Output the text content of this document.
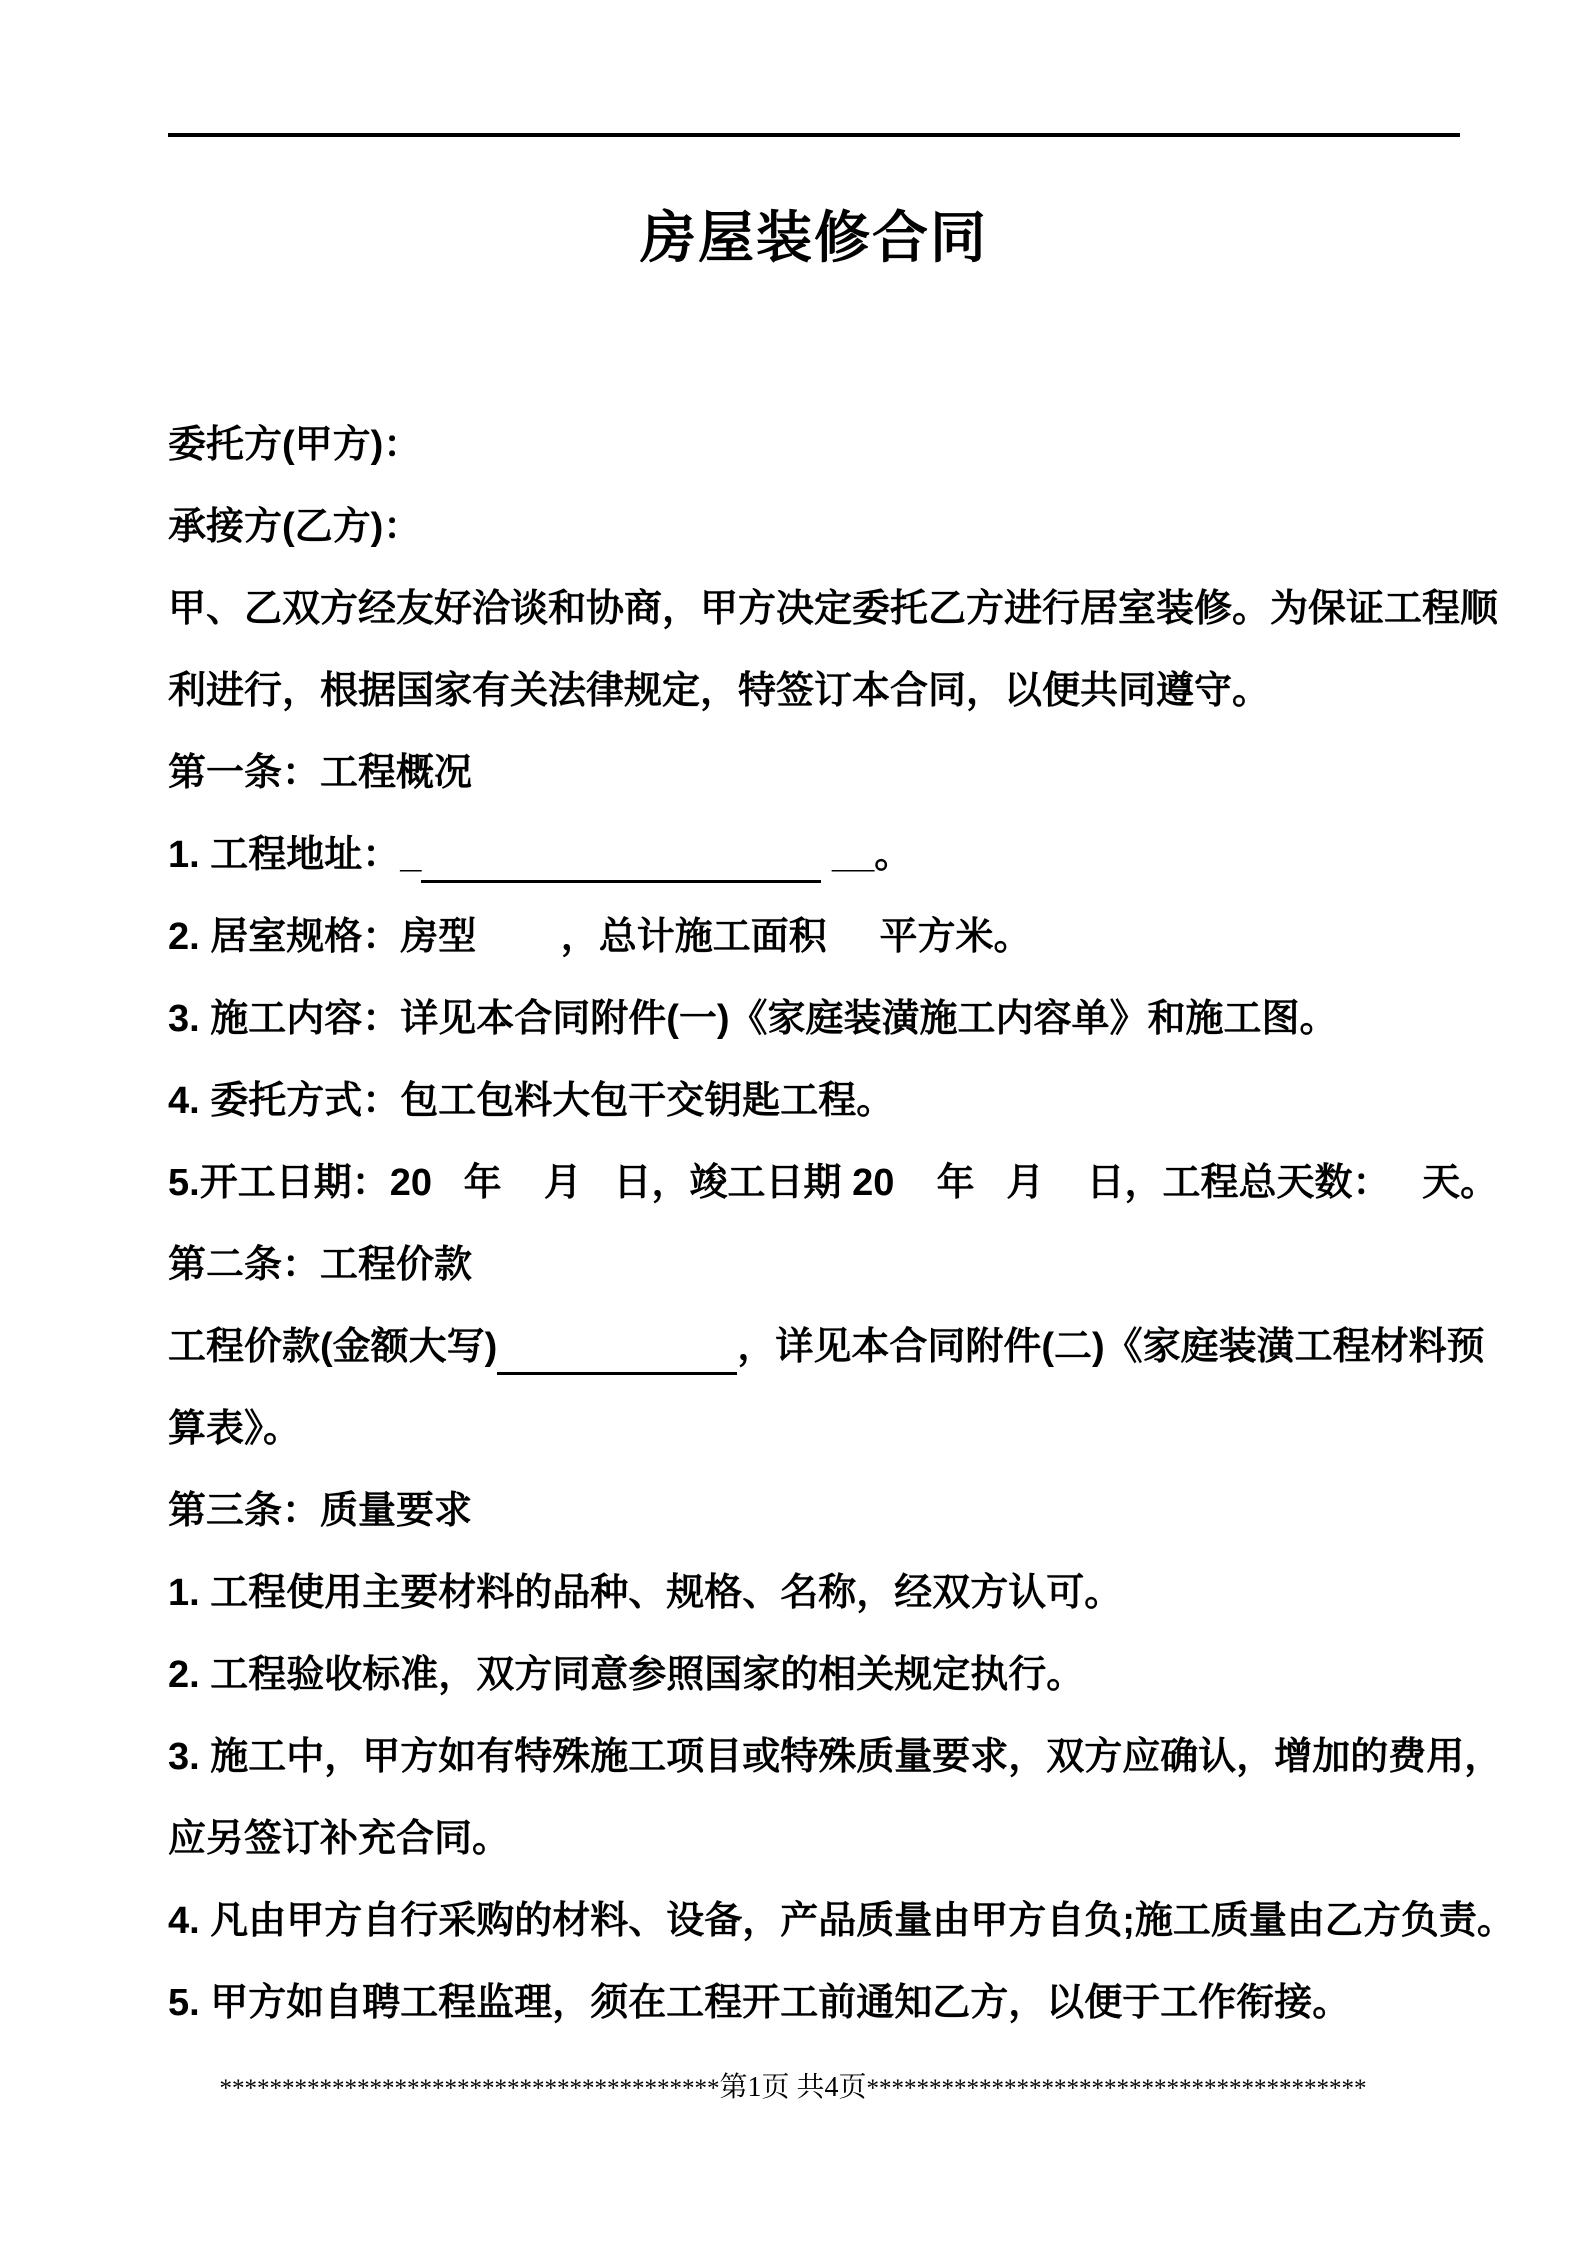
房屋装修合同

委托方(甲方)：

承接方(乙方)：

甲、乙双方经友好洽谈和协商，甲方决定委托乙方进行居室装修。为保证工程顺

利进行，根据国家有关法律规定，特签订本合同，以便共同遵守。

第一条：工程概况

1. 工程地址：_	__。

2. 居室规格：房型        ，总计施工面积     平方米。

3. 施工内容：详见本合同附件(一)《家庭装潢施工内容单》和施工图。

4. 委托方式：包工包料大包干交钥匙工程。

5.开工日期：20   年    月   日，竣工日期 20    年   月    日，工程总天数：   天。

第二条：工程价款

工程价款(金额大写)	，详见本合同附件(二)《家庭装潢工程材料预

算表》。

第三条：质量要求

1. 工程使用主要材料的品种、规格、名称，经双方认可。

2. 工程验收标准，双方同意参照国家的相关规定执行。

3. 施工中，甲方如有特殊施工项目或特殊质量要求，双方应确认，增加的费用，

应另签订补充合同。

4. 凡由甲方自行采购的材料、设备，产品质量由甲方自负;施工质量由乙方负责。

5. 甲方如自聘工程监理，须在工程开工前通知乙方，以便于工作衔接。

****************************************第1页 共4页****************************************
